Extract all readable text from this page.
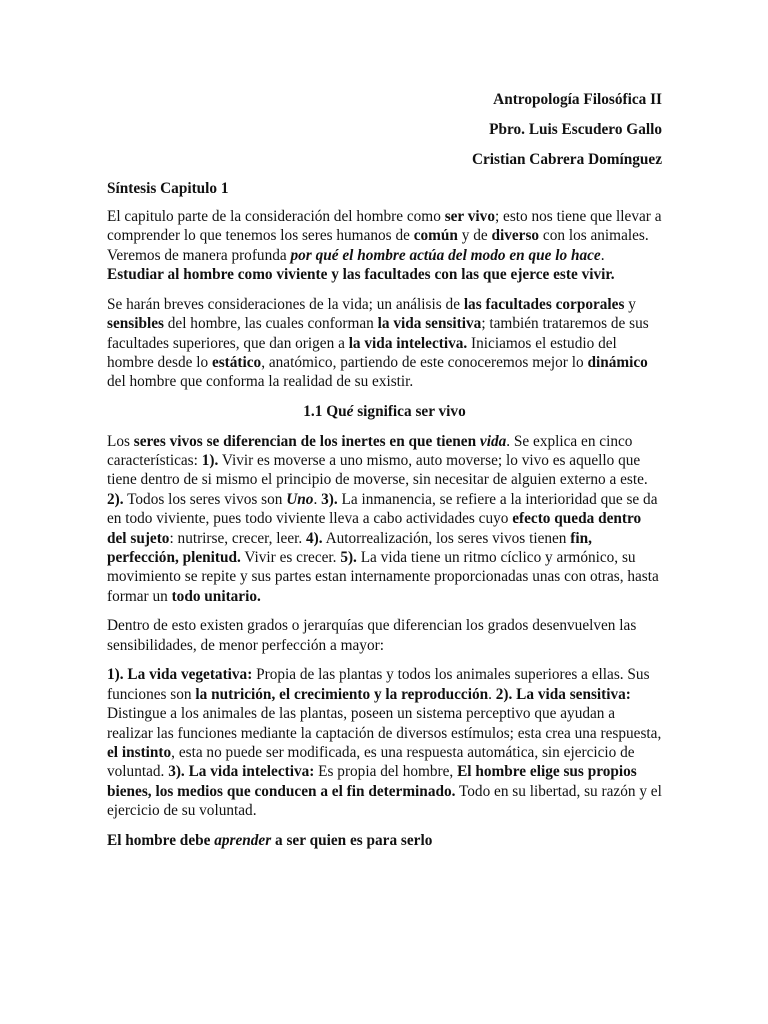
Antropología Filosófica II

Pbro. Luis Escudero Gallo

Cristian Cabrera Domínguez

Síntesis Capitulo 1

El capitulo parte de la consideración del hombre como ser vivo; esto nos tiene que llevar a comprender lo que tenemos los seres humanos de común y de diverso con los animales. Veremos de manera profunda por qué el hombre actúa del modo en que lo hace. Estudiar al hombre como viviente y las facultades con las que ejerce este vivir.

Se harán breves consideraciones de la vida; un análisis de las facultades corporales y sensibles del hombre, las cuales conforman la vida sensitiva; también trataremos de sus facultades superiores, que dan origen a la vida intelectiva. Iniciamos el estudio del hombre desde lo estático, anatómico, partiendo de este conoceremos mejor lo dinámico del hombre que conforma la realidad de su existir.

1.1 Qué significa ser vivo

Los seres vivos se diferencian de los inertes en que tienen vida. Se explica en cinco características: 1). Vivir es moverse a uno mismo, auto moverse; lo vivo es aquello que tiene dentro de si mismo el principio de moverse, sin necesitar de alguien externo a este. 2). Todos los seres vivos son Uno. 3). La inmanencia, se refiere a la interioridad que se da en todo viviente, pues todo viviente lleva a cabo actividades cuyo efecto queda dentro del sujeto: nutrirse, crecer, leer. 4). Autorrealización, los seres vivos tienen fin, perfección, plenitud. Vivir es crecer. 5). La vida tiene un ritmo cíclico y armónico, su movimiento se repite y sus partes estan internamente proporcionadas unas con otras, hasta formar un todo unitario.

Dentro de esto existen grados o jerarquías que diferencian los grados desenvuelven las sensibilidades, de menor perfección a mayor:

1). La vida vegetativa: Propia de las plantas y todos los animales superiores a ellas. Sus funciones son la nutrición, el crecimiento y la reproducción. 2). La vida sensitiva: Distingue a los animales de las plantas, poseen un sistema perceptivo que ayudan a realizar las funciones mediante la captación de diversos estímulos; esta crea una respuesta, el instinto, esta no puede ser modificada, es una respuesta automática, sin ejercicio de voluntad. 3). La vida intelectiva: Es propia del hombre, El hombre elige sus propios bienes, los medios que conducen a el fin determinado. Todo en su libertad, su razón y el ejercicio de su voluntad.

El hombre debe aprender a ser quien es para serlo
